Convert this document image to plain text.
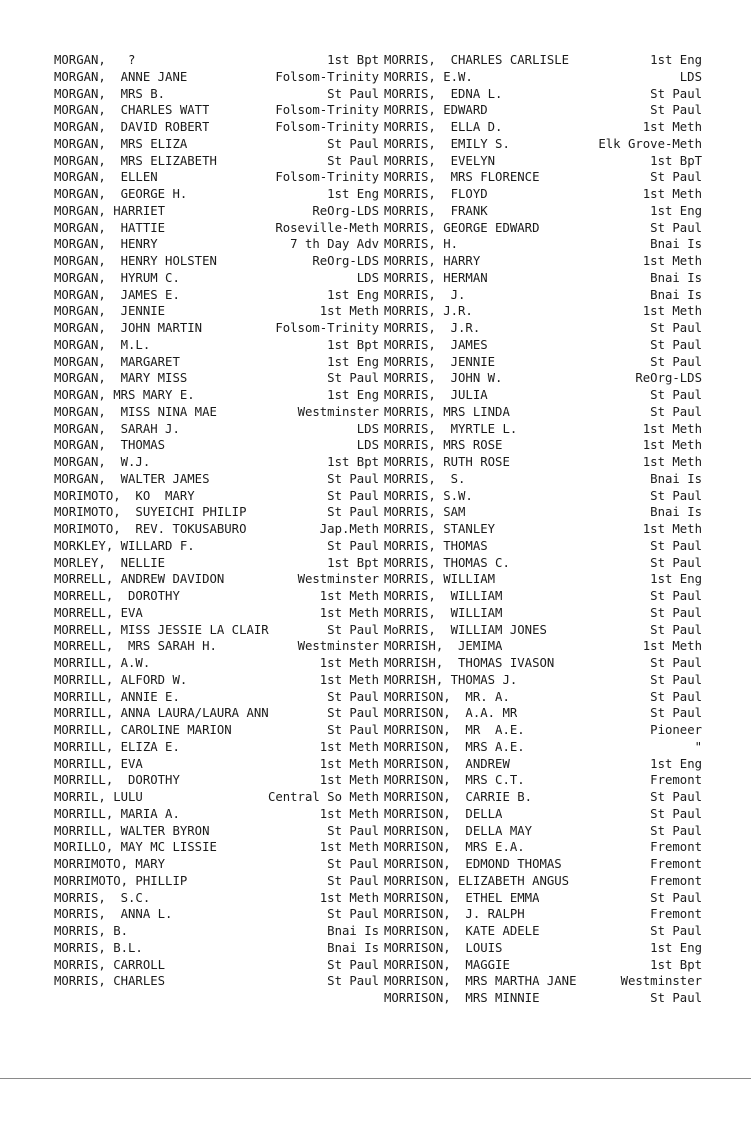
MORGAN,   ?	1st Bpt
MORGAN,  ANNE JANE	Folsom-Trinity
MORGAN,  MRS B.	St Paul
MORGAN,  CHARLES WATT	Folsom-Trinity
MORGAN,  DAVID ROBERT	Folsom-Trinity
MORGAN,  MRS ELIZA	St Paul
MORGAN,  MRS ELIZABETH	St Paul
MORGAN,  ELLEN	Folsom-Trinity
MORGAN,  GEORGE H.	1st Eng
MORGAN, HARRIET	ReOrg-LDS
MORGAN,  HATTIE	Roseville-Meth
MORGAN,  HENRY	7 th Day Adv
MORGAN,  HENRY HOLSTEN	ReOrg-LDS
MORGAN,  HYRUM C.	LDS
MORGAN,  JAMES E.	1st Eng
MORGAN,  JENNIE	1st Meth
MORGAN,  JOHN MARTIN	Folsom-Trinity
MORGAN,  M.L.	1st Bpt
MORGAN,  MARGARET	1st Eng
MORGAN,  MARY MISS	St Paul
MORGAN, MRS MARY E.	1st Eng
MORGAN,  MISS NINA MAE	Westminster
MORGAN,  SARAH J.	LDS
MORGAN,  THOMAS	LDS
MORGAN,  W.J.	1st Bpt
MORGAN,  WALTER JAMES	St Paul
MORIMOTO,  KO  MARY	St Paul
MORIMOTO,  SUYEICHI PHILIP	St Paul
MORIMOTO,  REV. TOKUSABURO	Jap.Meth
MORKLEY, WILLARD F.	St Paul
MORLEY,  NELLIE	1st Bpt
MORRELL, ANDREW DAVIDON	Westminster
MORRELL,  DOROTHY	1st Meth
MORRELL, EVA	1st Meth
MORRELL, MISS JESSIE LA CLAIR	St Paul
MORRELL,  MRS SARAH H.	Westminster
MORRILL, A.W.	1st Meth
MORRILL, ALFORD W.	1st Meth
MORRILL, ANNIE E.	St Paul
MORRILL, ANNA LAURA/LAURA ANN	St Paul
MORRILL, CAROLINE MARION	St Paul
MORRILL, ELIZA E.	1st Meth
MORRILL, EVA	1st Meth
MORRILL,  DOROTHY	1st Meth
MORRIL, LULU	Central So Meth
MORRILL, MARIA A.	1st Meth
MORRILL, WALTER BYRON	St Paul
MORILLO, MAY MC LISSIE	1st Meth
MORRIMOTO, MARY	St Paul
MORRIMOTO, PHILLIP	St Paul
MORRIS,  S.C.	1st Meth
MORRIS,  ANNA L.	St Paul
MORRIS, B.	Bnai Is
MORRIS, B.L.	Bnai Is
MORRIS, CARROLL	St Paul
MORRIS, CHARLES	St Paul
MORRIS,  CHARLES CARLISLE	1st Eng
MORRIS, E.W.	LDS
MORRIS,  EDNA L.	St Paul
MORRIS, EDWARD	St Paul
MORRIS,  ELLA D.	1st Meth
MORRIS,  EMILY S.	Elk Grove-Meth
MORRIS,  EVELYN	1st BpT
MORRIS,  MRS FLORENCE	St Paul
MORRIS,  FLOYD	1st Meth
MORRIS,  FRANK	1st Eng
MORRIS, GEORGE EDWARD	St Paul
MORRIS, H.	Bnai Is
MORRIS, HARRY	1st Meth
MORRIS, HERMAN	Bnai Is
MORRIS,  J.	Bnai Is
MORRIS, J.R.	1st Meth
MORRIS,  J.R.	St Paul
MORRIS,  JAMES	St Paul
MORRIS,  JENNIE	St Paul
MORRIS,  JOHN W.	ReOrg-LDS
MORRIS,  JULIA	St Paul
MORRIS, MRS LINDA	St Paul
MORRIS,  MYRTLE L.	1st Meth
MORRIS, MRS ROSE	1st Meth
MORRIS, RUTH ROSE	1st Meth
MORRIS,  S.	Bnai Is
MORRIS, S.W.	St Paul
MORRIS, SAM	Bnai Is
MORRIS, STANLEY	1st Meth
MORRIS, THOMAS	St Paul
MORRIS, THOMAS C.	St Paul
MORRIS, WILLIAM	1st Eng
MORRIS,  WILLIAM	St Paul
MORRIS,  WILLIAM	St Paul
MoRRIS,  WILLIAM JONES	St Paul
MORRISH,  JEMIMA	1st Meth
MORRISH,  THOMAS IVASON	St Paul
MORRISH, THOMAS J.	St Paul
MORRISON,  MR. A.	St Paul
MORRISON,  A.A. MR	St Paul
MORRISON,  MR  A.E.	Pioneer
MORRISON,  MRS A.E.	"
MORRISON,  ANDREW	1st Eng
MORRISON,  MRS C.T.	Fremont
MORRISON,  CARRIE B.	St Paul
MORRISON,  DELLA	St Paul
MORRISON,  DELLA MAY	St Paul
MORRISON,  MRS E.A.	Fremont
MORRISON,  EDMOND THOMAS	Fremont
MORRISON, ELIZABETH ANGUS	Fremont
MORRISON,  ETHEL EMMA	St Paul
MORRISON,  J. RALPH	Fremont
MORRISON,  KATE ADELE	St Paul
MORRISON,  LOUIS	1st Eng
MORRISON,  MAGGIE	1st Bpt
MORRISON,  MRS MARTHA JANE	Westminster
MORRISON,  MRS MINNIE	St Paul
